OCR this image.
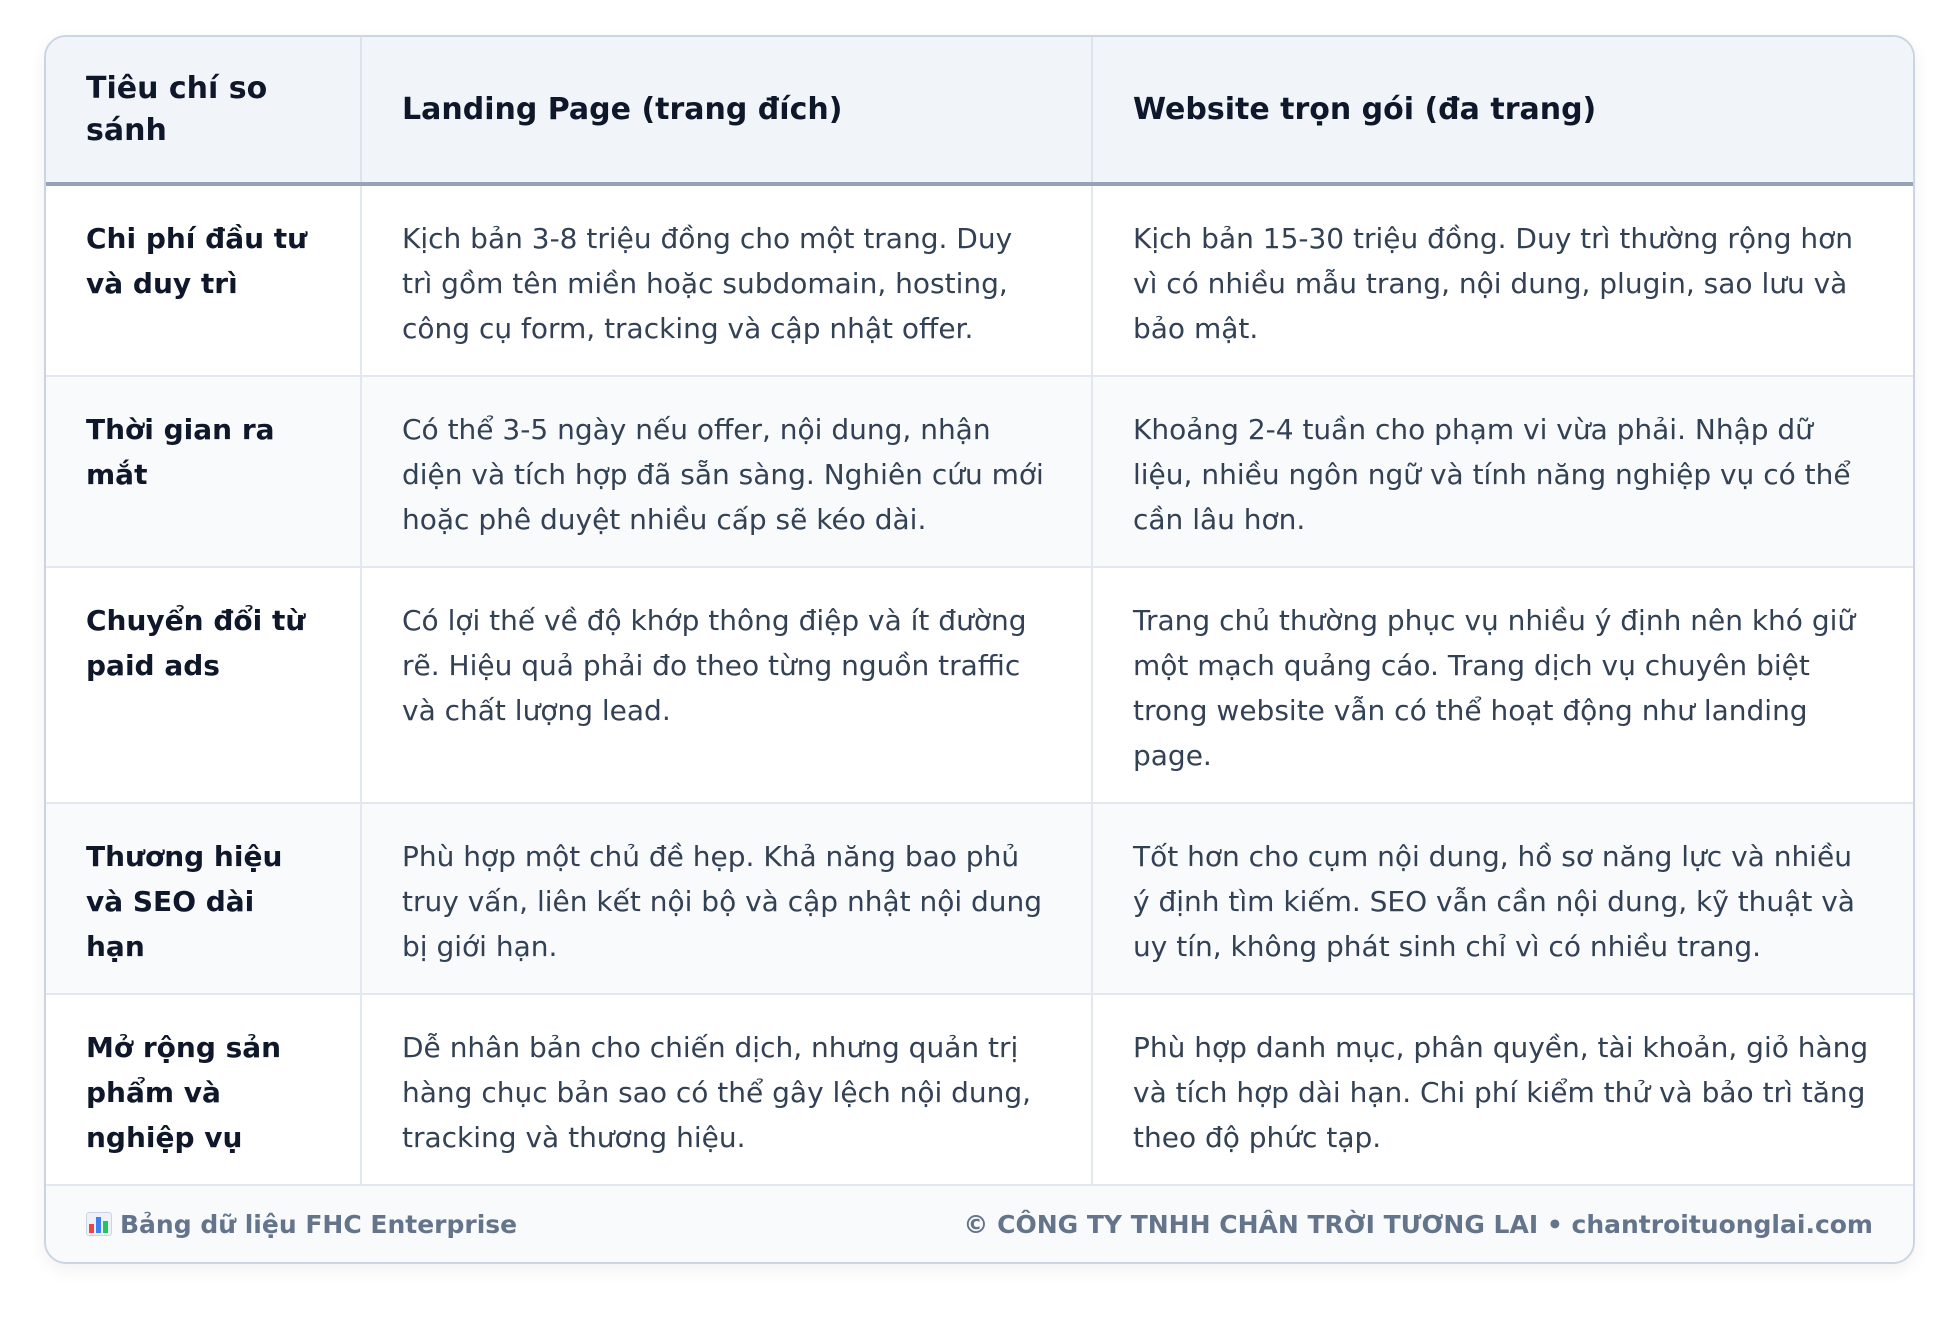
Tiêu chí so sánh	Landing Page (trang đích)	Website trọn gói (đa trang)
Chi phí đầu tư và duy trì	Kịch bản 3-8 triệu đồng cho một trang. Duy trì gồm tên miền hoặc subdomain, hosting, công cụ form, tracking và cập nhật offer.	Kịch bản 15-30 triệu đồng. Duy trì thường rộng hơn vì có nhiều mẫu trang, nội dung, plugin, sao lưu và bảo mật.
Thời gian ra mắt	Có thể 3-5 ngày nếu offer, nội dung, nhận diện và tích hợp đã sẵn sàng. Nghiên cứu mới hoặc phê duyệt nhiều cấp sẽ kéo dài.	Khoảng 2-4 tuần cho phạm vi vừa phải. Nhập dữ liệu, nhiều ngôn ngữ và tính năng nghiệp vụ có thể cần lâu hơn.
Chuyển đổi từ paid ads	Có lợi thế về độ khớp thông điệp và ít đường rẽ. Hiệu quả phải đo theo từng nguồn traffic và chất lượng lead.	Trang chủ thường phục vụ nhiều ý định nên khó giữ một mạch quảng cáo. Trang dịch vụ chuyên biệt trong website vẫn có thể hoạt động như landing page.
Thương hiệu và SEO dài hạn	Phù hợp một chủ đề hẹp. Khả năng bao phủ truy vấn, liên kết nội bộ và cập nhật nội dung bị giới hạn.	Tốt hơn cho cụm nội dung, hồ sơ năng lực và nhiều ý định tìm kiếm. SEO vẫn cần nội dung, kỹ thuật và uy tín, không phát sinh chỉ vì có nhiều trang.
Mở rộng sản phẩm và nghiệp vụ	Dễ nhân bản cho chiến dịch, nhưng quản trị hàng chục bản sao có thể gây lệch nội dung, tracking và thương hiệu.	Phù hợp danh mục, phân quyền, tài khoản, giỏ hàng và tích hợp dài hạn. Chi phí kiểm thử và bảo trì tăng theo độ phức tạp.
Bảng dữ liệu FHC Enterprise	© CÔNG TY TNHH CHÂN TRỜI TƯƠNG LAI • chantroituonglai.com
